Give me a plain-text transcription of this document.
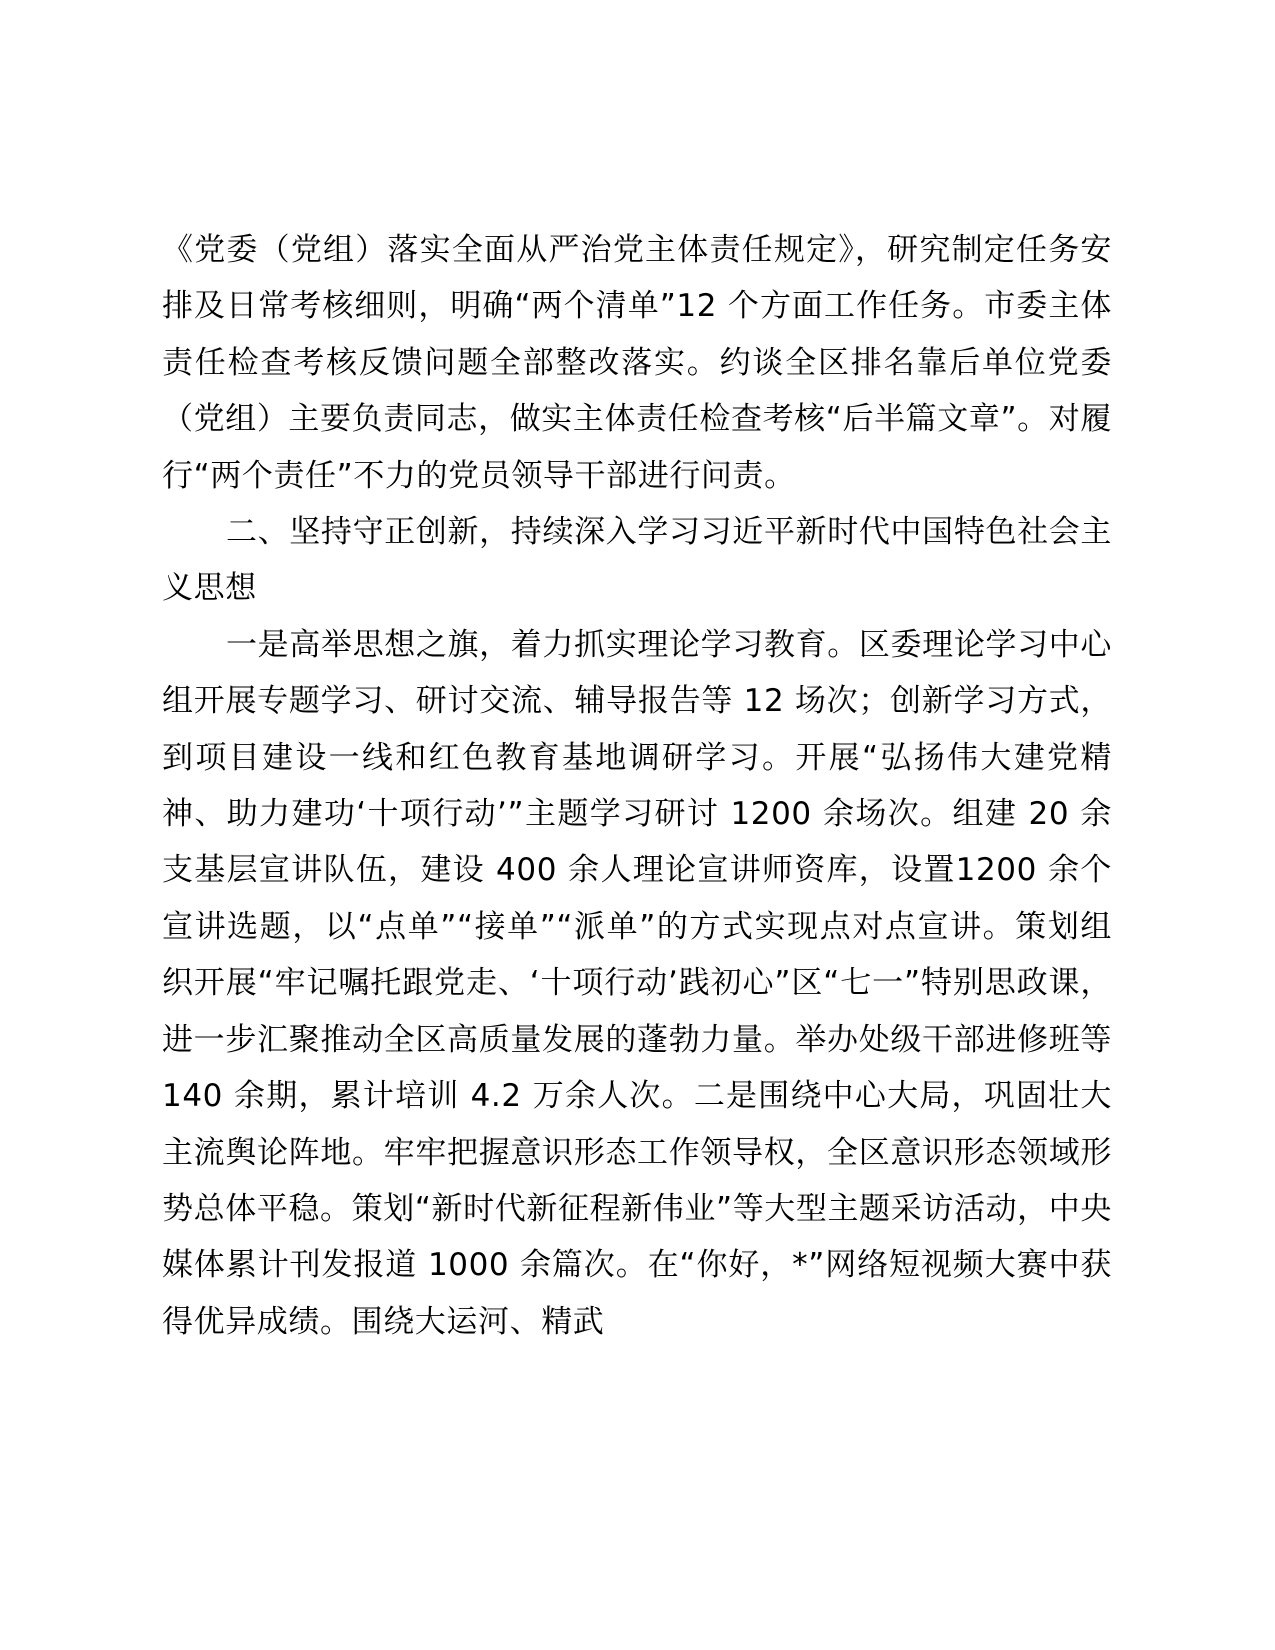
《党委（党组）落实全面从严治党主体责任规定》，研究制定任务安排及日常考核细则，明确“两个清单”12 个方面工作任务。市委主体责任检查考核反馈问题全部整改落实。约谈全区排名靠后单位党委（党组）主要负责同志，做实主体责任检查考核“后半篇文章”。对履行“两个责任”不力的党员领导干部进行问责。

二、坚持守正创新，持续深入学习习近平新时代中国特色社会主义思想

一是高举思想之旗，着力抓实理论学习教育。区委理论学习中心组开展专题学习、研讨交流、辅导报告等 12 场次；创新学习方式，到项目建设一线和红色教育基地调研学习。开展“弘扬伟大建党精神、助力建功‘十项行动’”主题学习研讨 1200 余场次。组建 20 余支基层宣讲队伍，建设 400 余人理论宣讲师资库，设置1200 余个宣讲选题，以“点单”“接单”“派单”的方式实现点对点宣讲。策划组织开展“牢记嘱托跟党走、‘十项行动’践初心”区“七一”特别思政课，进一步汇聚推动全区高质量发展的蓬勃力量。举办处级干部进修班等 140 余期，累计培训 4.2 万余人次。二是围绕中心大局，巩固壮大主流舆论阵地。牢牢把握意识形态工作领导权，全区意识形态领域形势总体平稳。策划“新时代新征程新伟业”等大型主题采访活动，中央媒体累计刊发报道 1000 余篇次。在“你好，*”网络短视频大赛中获得优异成绩。围绕大运河、精武
